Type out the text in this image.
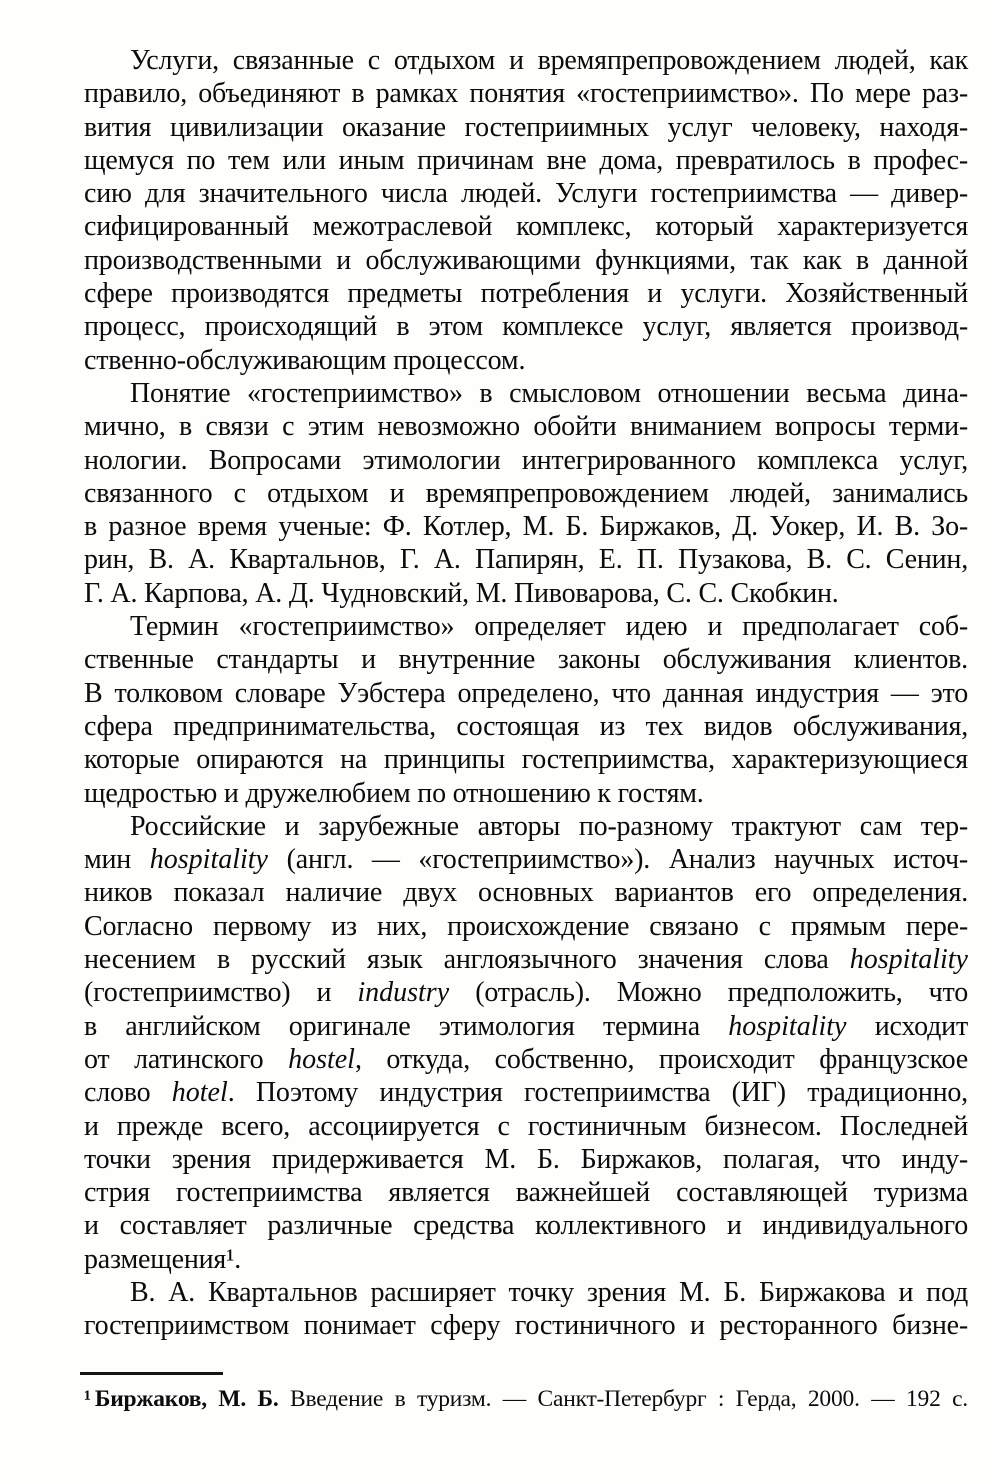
Услуги, связанные с отдыхом и времяпрепровождением людей, как
правило, объединяют в рамках понятия «гостеприимство». По мере раз-
вития цивилизации оказание гостеприимных услуг человеку, находя-
щемуся по тем или иным причинам вне дома, превратилось в профес-
сию для значительного числа людей. Услуги гостеприимства — дивер-
сифицированный межотраслевой комплекс, который характеризуется
производственными и обслуживающими функциями, так как в данной
сфере производятся предметы потребления и услуги. Хозяйственный
процесс, происходящий в этом комплексе услуг, является производ-
ственно-обслуживающим процессом.
Понятие «гостеприимство» в смысловом отношении весьма дина-
мично, в связи с этим невозможно обойти вниманием вопросы терми-
нологии. Вопросами этимологии интегрированного комплекса услуг,
связанного с отдыхом и времяпрепровождением людей, занимались
в разное время ученые: Ф. Котлер, М. Б. Биржаков, Д. Уокер, И. В. Зо-
рин, В. А. Квартальнов, Г. А. Папирян, Е. П. Пузакова, В. С. Сенин,
Г. А. Карпова, А. Д. Чудновский, М. Пивоварова, С. С. Скобкин.
Термин «гостеприимство» определяет идею и предполагает соб-
ственные стандарты и внутренние законы обслуживания клиентов.
В толковом словаре Уэбстера определено, что данная индустрия — это
сфера предпринимательства, состоящая из тех видов обслуживания,
которые опираются на принципы гостеприимства, характеризующиеся
щедростью и дружелюбием по отношению к гостям.
Российские и зарубежные авторы по-разному трактуют сам тер-
мин hospitality (англ. — «гостеприимство»). Анализ научных источ-
ников показал наличие двух основных вариантов его определения.
Согласно первому из них, происхождение связано с прямым пере-
несением в русский язык англоязычного значения слова hospitality
(гостеприимство) и industry (отрасль). Можно предположить, что
в английском оригинале этимология термина hospitality исходит
от латинского hostel, откуда, собственно, происходит французское
слово hotel. Поэтому индустрия гостеприимства (ИГ) традиционно,
и прежде всего, ассоциируется с гостиничным бизнесом. Последней
точки зрения придерживается М. Б. Биржаков, полагая, что инду-
стрия гостеприимства является важнейшей составляющей туризма
и составляет различные средства коллективного и индивидуального
размещения¹.
В. А. Квартальнов расширяет точку зрения М. Б. Биржакова и под
гостеприимством понимает сферу гостиничного и ресторанного бизне-
¹ Биржаков, М. Б. Введение в туризм. — Санкт-Петербург : Герда, 2000. — 192 с.
